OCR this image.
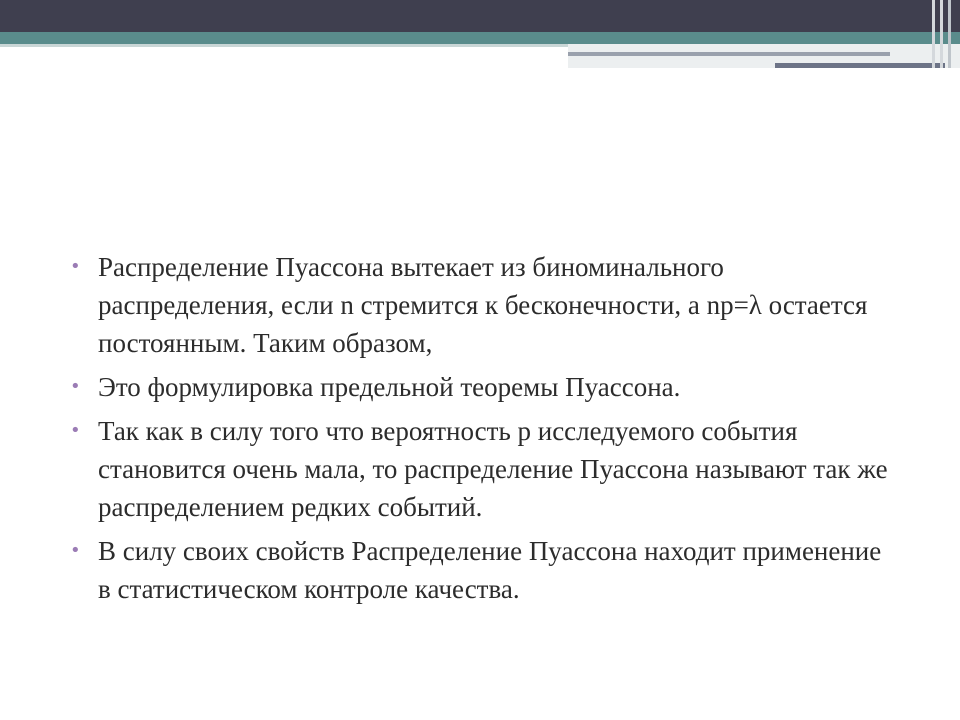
• Распределение Пуассона вытекает из биноминального распределения, если n стремится к бесконечности, а np=λ остается постоянным. Таким образом,
• Это формулировка предельной теоремы Пуассона.
• Так как в силу того что вероятность p исследуемого события становится очень мала, то распределение Пуассона называют так же распределением редких событий.
• В силу своих свойств Распределение Пуассона находит применение в статистическом контроле качества.
